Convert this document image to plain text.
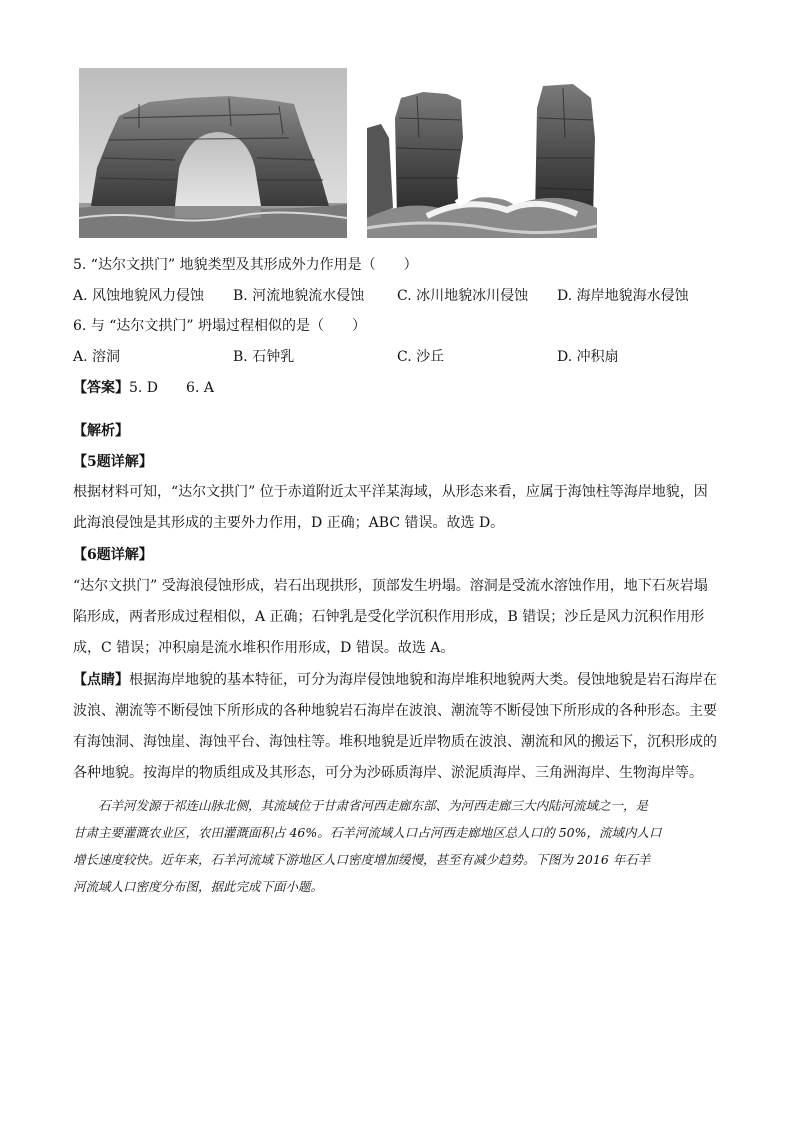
5. “达尔文拱门” 地貌类型及其形成外力作用是（　　）
A. 风蚀地貌风力侵蚀 B. 河流地貌流水侵蚀 C. 冰川地貌冰川侵蚀 D. 海岸地貌海水侵蚀
6. 与 “达尔文拱门” 坍塌过程相似的是（　　）
A. 溶洞	B. 石钟乳	C. 沙丘	D. 冲积扇
【答案】5. D　　6. A
【解析】
【5题详解】
根据材料可知，“达尔文拱门” 位于赤道附近太平洋某海域，从形态来看，应属于海蚀柱等海岸地貌，因
此海浪侵蚀是其形成的主要外力作用，D 正确；ABC 错误。故选 D。
【6题详解】
“达尔文拱门” 受海浪侵蚀形成，岩石出现拱形，顶部发生坍塌。溶洞是受流水溶蚀作用，地下石灰岩塌
陷形成，两者形成过程相似，A 正确；石钟乳是受化学沉积作用形成，B 错误；沙丘是风力沉积作用形
成，C 错误；冲积扇是流水堆积作用形成，D 错误。故选 A。
【点睛】根据海岸地貌的基本特征，可分为海岸侵蚀地貌和海岸堆积地貌两大类。侵蚀地貌是岩石海岸在
波浪、潮流等不断侵蚀下所形成的各种地貌岩石海岸在波浪、潮流等不断侵蚀下所形成的各种形态。主要
有海蚀洞、海蚀崖、海蚀平台、海蚀柱等。堆积地貌是近岸物质在波浪、潮流和风的搬运下，沉积形成的
各种地貌。按海岸的物质组成及其形态，可分为沙砾质海岸、淤泥质海岸、三角洲海岸、生物海岸等。
　　石羊河发源于祁连山脉北侧，其流域位于甘肃省河西走廊东部、为河西走廊三大内陆河流域之一，是
甘肃主要灌溉农业区，农田灌溉面积占 46%。石羊河流域人口占河西走廊地区总人口的 50%，流域内人口
增长速度较快。近年来，石羊河流域下游地区人口密度增加缓慢，甚至有减少趋势。下图为 2016 年石羊
河流域人口密度分布图，据此完成下面小题。
